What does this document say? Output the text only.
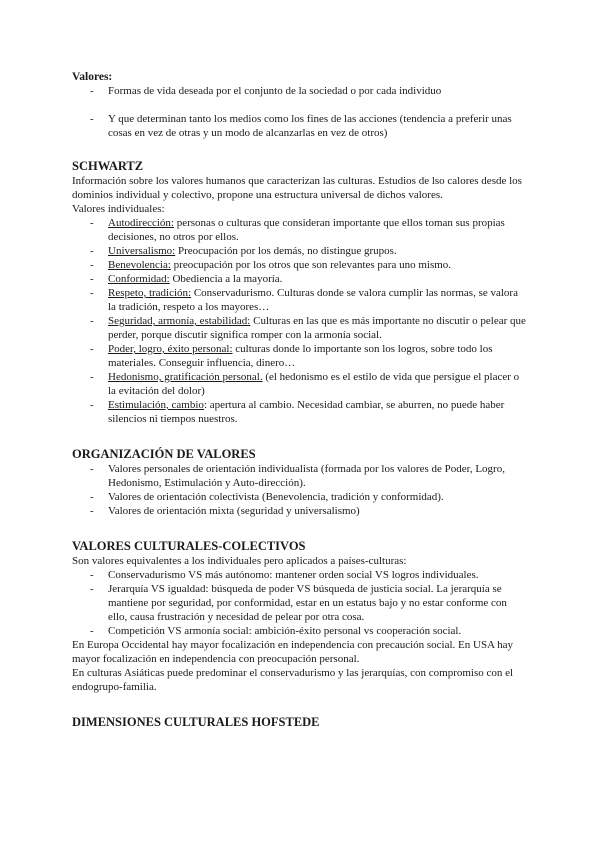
Valores:

- Formas de vida deseada por el conjunto de la sociedad o por cada individuo
- Y que determinan tanto los medios como los fines de las acciones (tendencia a preferir unas cosas en vez de otras y un modo de alcanzarlas en vez de otros)

SCHWARTZ

Información sobre los valores humanos que caracterizan las culturas. Estudios de lso calores desde los dominios individual y colectivo, propone una estructura universal de dichos valores.

Valores individuales:

- Autodirección: personas o culturas que consideran importante que ellos toman sus propias decisiones, no otros por ellos.
- Universalismo: Preocupación por los demás, no distingue grupos.
- Benevolencia: preocupación por los otros que son relevantes para uno mismo.
- Conformidad: Obediencia a la mayoría.
- Respeto, tradición: Conservadurismo. Culturas donde se valora cumplir las normas, se valora la tradición, respeto a los mayores…
- Seguridad, armonía, estabilidad: Culturas en las que es más importante no discutir o pelear que perder, porque discutir significa romper con la armonía social.
- Poder, logro, éxito personal: culturas donde lo importante son los logros, sobre todo los materiales. Conseguir influencia, dinero…
- Hedonismo, gratificación personal. (el hedonismo es el estilo de vida que persigue el placer o la evitación del dolor)
- Estimulación, cambio: apertura al cambio. Necesidad cambiar, se aburren, no puede haber silencios ni tiempos nuestros.

ORGANIZACIÓN DE VALORES

- Valores personales de orientación individualista (formada por los valores de Poder, Logro, Hedonismo, Estimulación y Auto-dirección).
- Valores de orientación colectivista (Benevolencia, tradición y conformidad).
- Valores de orientación mixta (seguridad y universalismo)

VALORES CULTURALES-COLECTIVOS

Son valores equivalentes a los individuales pero aplicados a países-culturas:

- Conservadurismo VS más autónomo: mantener orden social VS logros individuales.
- Jerarquía VS igualdad: búsqueda de poder VS búsqueda de justicia social. La jerarquía se mantiene por seguridad, por conformidad, estar en un estatus bajo y no estar conforme con ello, causa frustración y necesidad de pelear por otra cosa.
- Competición VS armonía social: ambición-éxito personal vs cooperación social.

En Europa Occidental hay mayor focalización en independencia con precaución social. En USA hay mayor focalización en independencia con preocupación personal.

En culturas Asiáticas puede predominar el conservadurismo y las jerarquías, con compromiso con el endogrupo-familia.

DIMENSIONES CULTURALES HOFSTEDE
